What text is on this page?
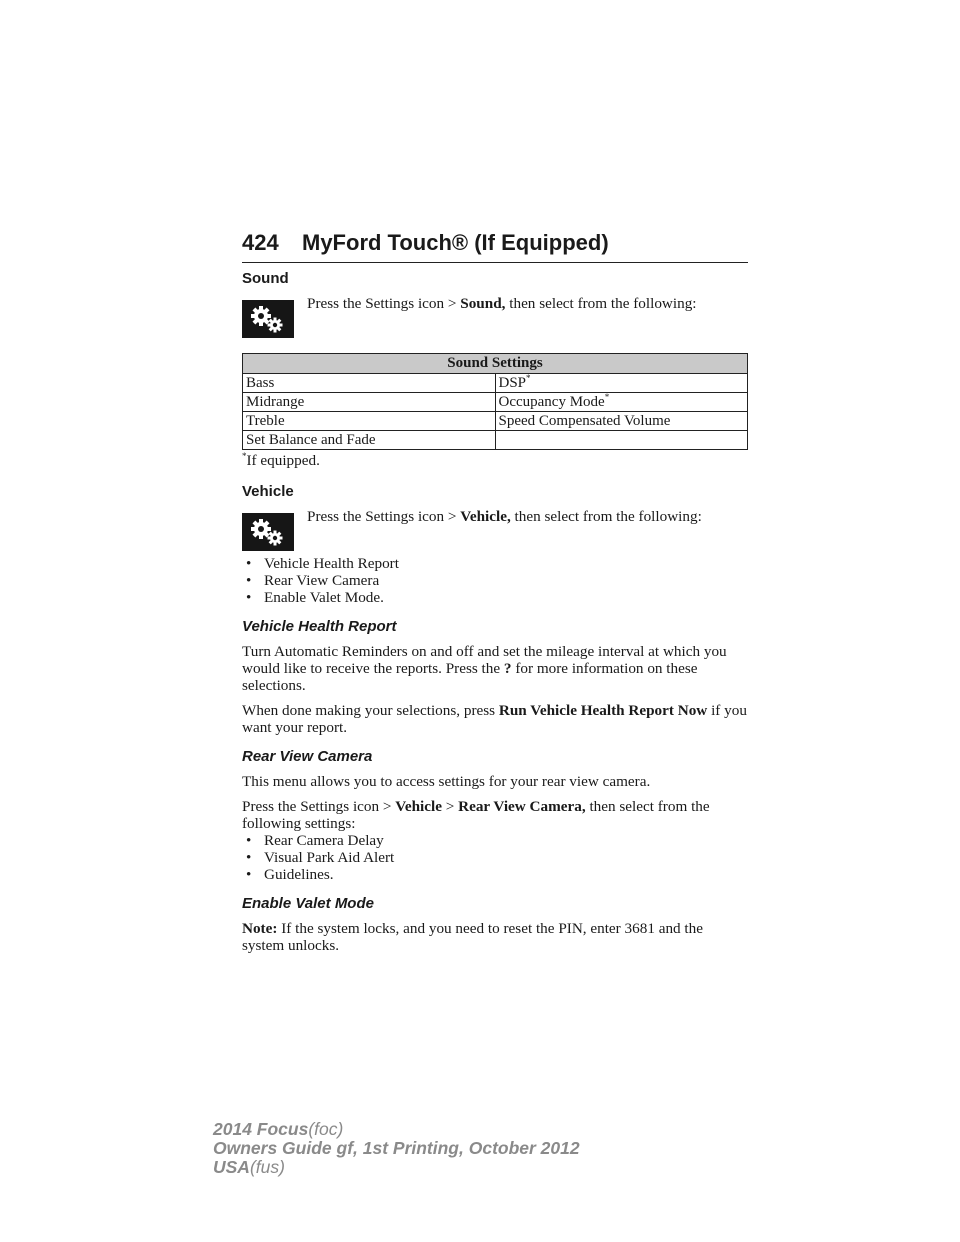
424 MyFord Touch® (If Equipped)
Sound
Press the Settings icon > Sound, then select from the following:
Sound Settings	
Bass	DSP*
Midrange	Occupancy Mode*
Treble	Speed Compensated Volume
Set Balance and Fade	

*If equipped.

Vehicle
Press the Settings icon > Vehicle, then select from the following:
• Vehicle Health Report
• Rear View Camera
• Enable Valet Mode.
Vehicle Health Report

Turn Automatic Reminders on and off and set the mileage interval at which you would like to receive the reports. Press the ? for more information on these selections.

When done making your selections, press Run Vehicle Health Report Now if you want your report.

Rear View Camera

This menu allows you to access settings for your rear view camera.

Press the Settings icon > Vehicle > Rear View Camera, then select from the following settings:

• Rear Camera Delay
• Visual Park Aid Alert
• Guidelines.
Enable Valet Mode

Note: If the system locks, and you need to reset the PIN, enter 3681 and the system unlocks.

2014 Focus(foc)
Owners Guide gf, 1st Printing, October 2012
USA(fus)
